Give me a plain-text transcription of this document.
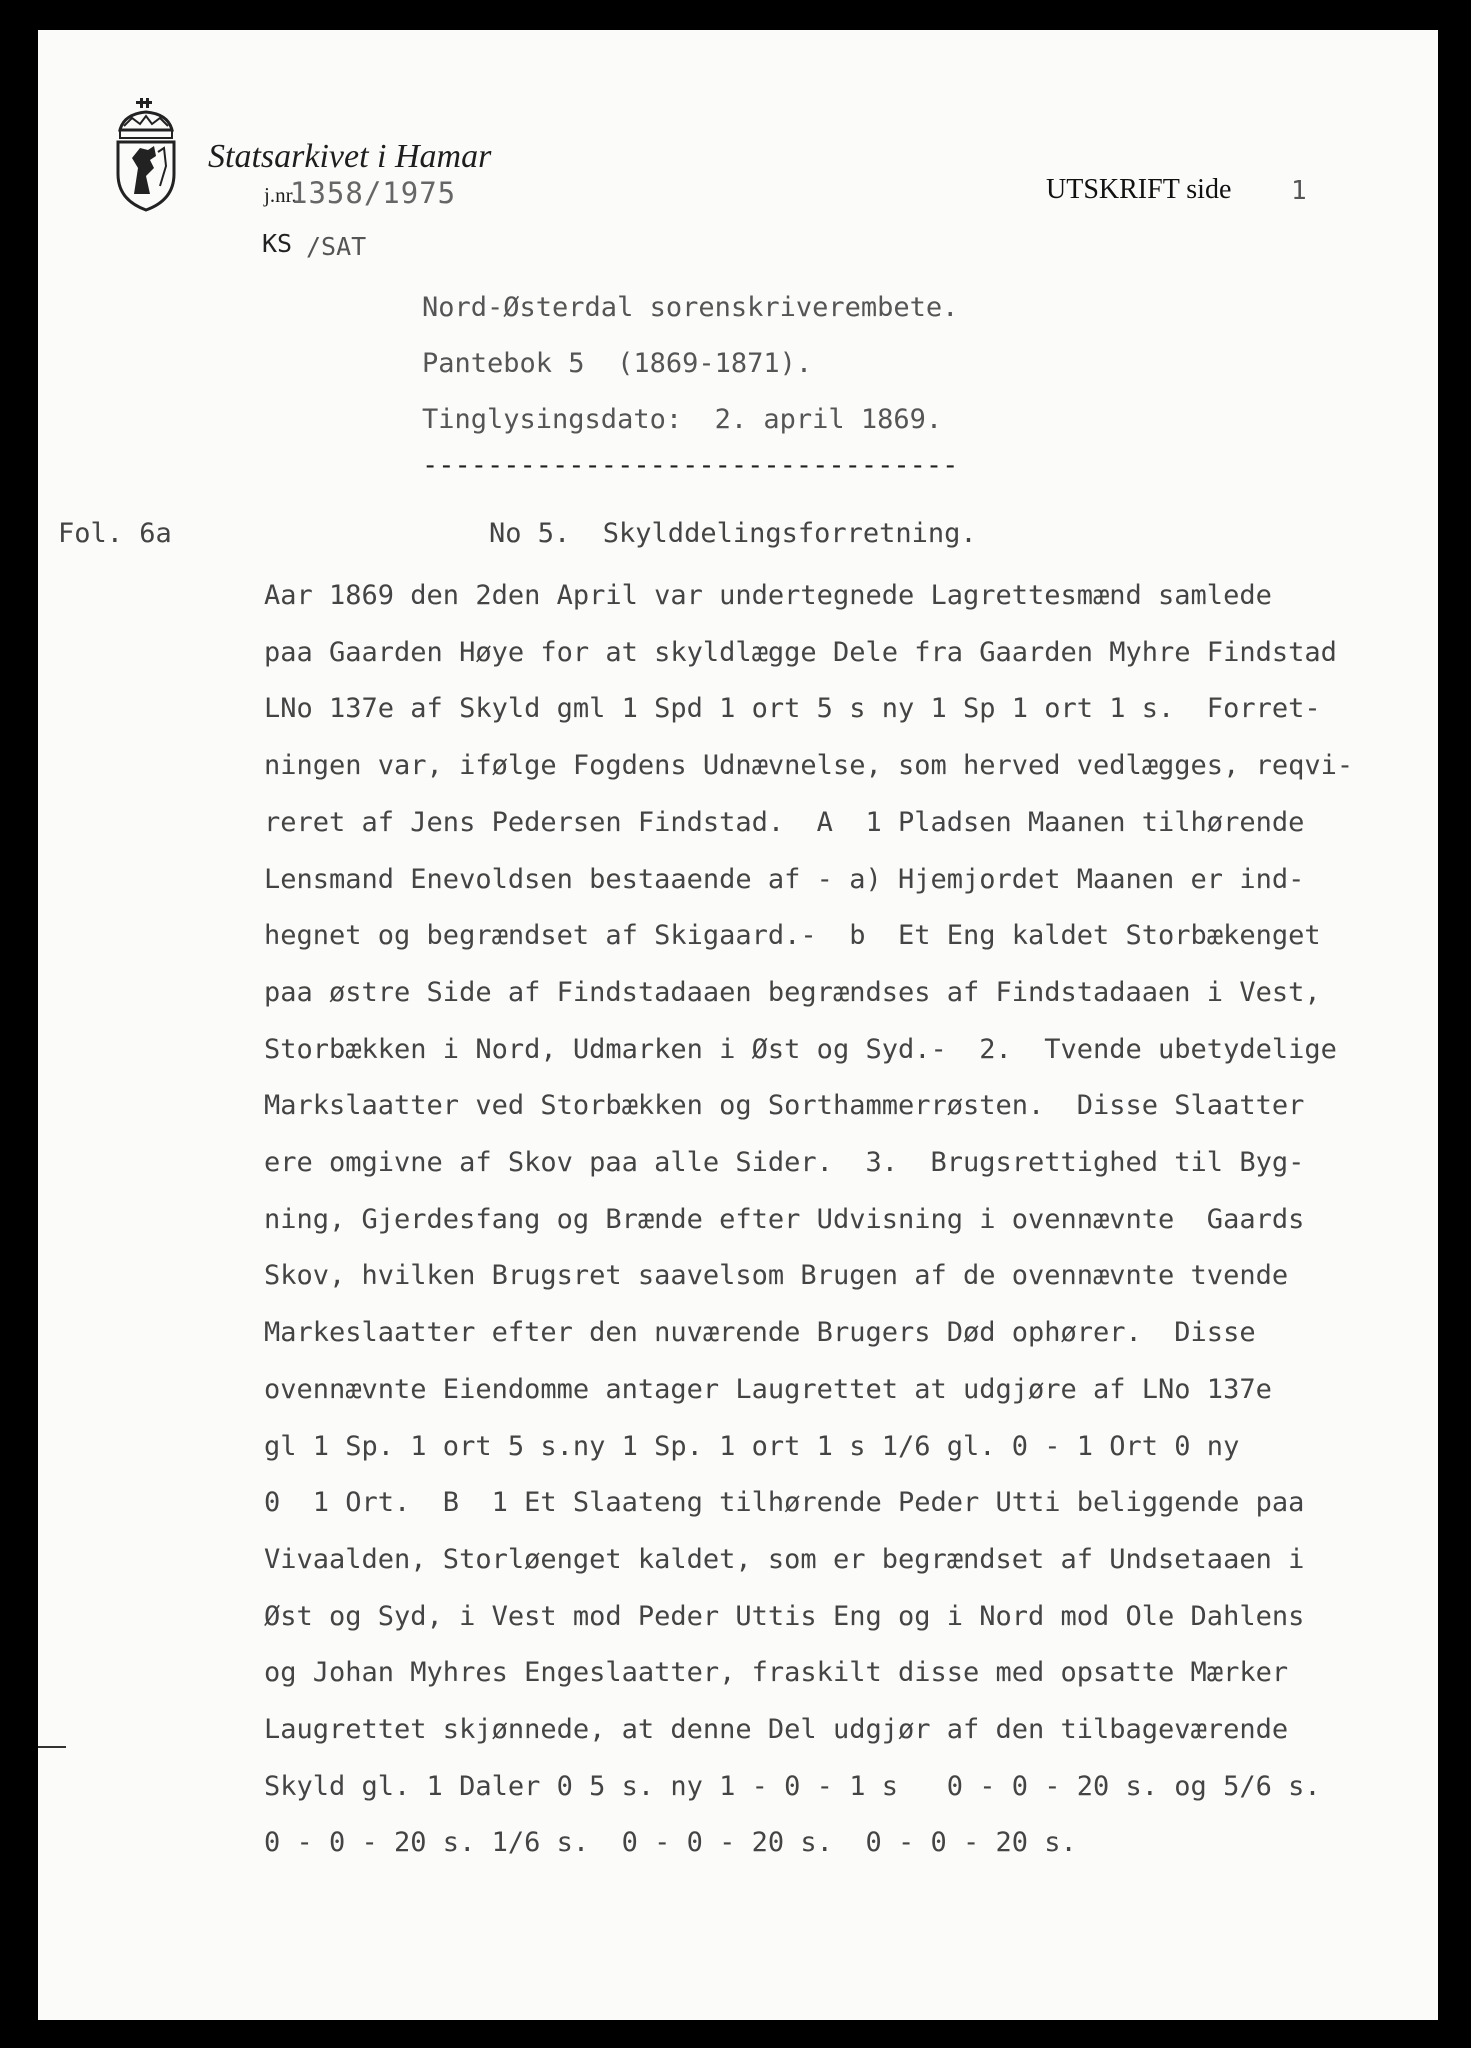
Statsarkivet i Hamar
j.nr.
1358/1975	UTSKRIFT side 1
KS /SAT
Nord-Østerdal sorenskriverembete.
Pantebok 5  (1869-1871).
Tinglysingsdato:  2. april 1869.
---------------------------------
Fol. 6a	No 5.  Skylddelingsforretning.
Aar 1869 den 2den April var undertegnede Lagrettesmænd samlede
paa Gaarden Høye for at skyldlægge Dele fra Gaarden Myhre Findstad
LNo 137e af Skyld gml 1 Spd 1 ort 5 s ny 1 Sp 1 ort 1 s.  Forret-
ningen var, ifølge Fogdens Udnævnelse, som herved vedlægges, reqvi-
reret af Jens Pedersen Findstad.  A  1 Pladsen Maanen tilhørende
Lensmand Enevoldsen bestaaende af - a) Hjemjordet Maanen er ind-
hegnet og begrændset af Skigaard.-  b  Et Eng kaldet Storbækenget
paa østre Side af Findstadaaen begrændses af Findstadaaen i Vest,
Storbækken i Nord, Udmarken i Øst og Syd.-  2.  Tvende ubetydelige
Markslaatter ved Storbækken og Sorthammerrøsten.  Disse Slaatter
ere omgivne af Skov paa alle Sider.  3.  Brugsrettighed til Byg-
ning, Gjerdesfang og Brænde efter Udvisning i ovennævnte  Gaards
Skov, hvilken Brugsret saavelsom Brugen af de ovennævnte tvende
Markeslaatter efter den nuværende Brugers Død ophører.  Disse
ovennævnte Eiendomme antager Laugrettet at udgjøre af LNo 137e
gl 1 Sp. 1 ort 5 s.ny 1 Sp. 1 ort 1 s 1/6 gl. 0 - 1 Ort 0 ny
0  1 Ort.  B  1 Et Slaateng tilhørende Peder Utti beliggende paa
Vivaalden, Storløenget kaldet, som er begrændset af Undsetaaen i
Øst og Syd, i Vest mod Peder Uttis Eng og i Nord mod Ole Dahlens
og Johan Myhres Engeslaatter, fraskilt disse med opsatte Mærker
Laugrettet skjønnede, at denne Del udgjør af den tilbageværende
Skyld gl. 1 Daler 0 5 s. ny 1 - 0 - 1 s   0 - 0 - 20 s. og 5/6 s.
0 - 0 - 20 s. 1/6 s.  0 - 0 - 20 s.  0 - 0 - 20 s.
